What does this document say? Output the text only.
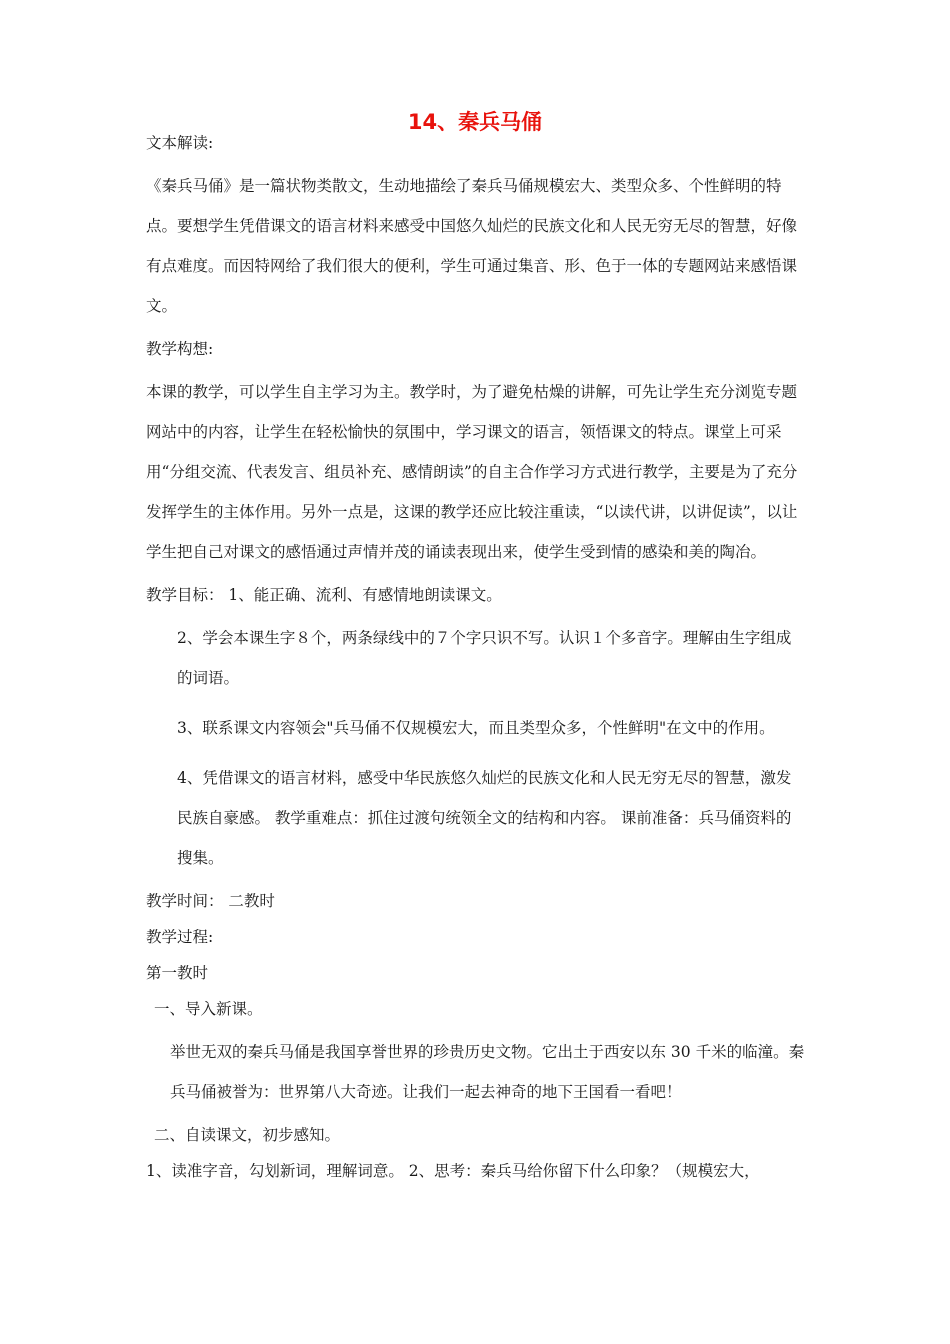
14、秦兵马俑

文本解读:

《秦兵马俑》是一篇状物类散文，生动地描绘了秦兵马俑规模宏大、类型众多、个性鲜明的特点。要想学生凭借课文的语言材料来感受中国悠久灿烂的民族文化和人民无穷无尽的智慧，好像有点难度。而因特网给了我们很大的便利，学生可通过集音、形、色于一体的专题网站来感悟课文。

教学构想:

本课的教学，可以学生自主学习为主。教学时，为了避免枯燥的讲解，可先让学生充分浏览专题网站中的内容，让学生在轻松愉快的氛围中，学习课文的语言，领悟课文的特点。课堂上可采用“分组交流、代表发言、组员补充、感情朗读”的自主合作学习方式进行教学，主要是为了充分发挥学生的主体作用。另外一点是，这课的教学还应比较注重读，“以读代讲，以讲促读”，以让学生把自己对课文的感悟通过声情并茂的诵读表现出来，使学生受到情的感染和美的陶冶。

教学目标： 1、能正确、流利、有感情地朗读课文。

2、学会本课生字８个，两条绿线中的７个字只识不写。认识１个多音字。理解由生字组成的词语。

3、联系课文内容领会"兵马俑不仅规模宏大，而且类型众多，个性鲜明"在文中的作用。

4、凭借课文的语言材料，感受中华民族悠久灿烂的民族文化和人民无穷无尽的智慧，激发民族自豪感。 教学重难点：抓住过渡句统领全文的结构和内容。 课前准备：兵马俑资料的搜集。

教学时间： 二教时

教学过程:

第一教时

一、导入新课。

举世无双的秦兵马俑是我国享誉世界的珍贵历史文物。它出土于西安以东 30 千米的临潼。秦兵马俑被誉为：世界第八大奇迹。让我们一起去神奇的地下王国看一看吧！

二、自读课文，初步感知。

1、读准字音，勾划新词，理解词意。 2、思考：秦兵马给你留下什么印象？（规模宏大，
